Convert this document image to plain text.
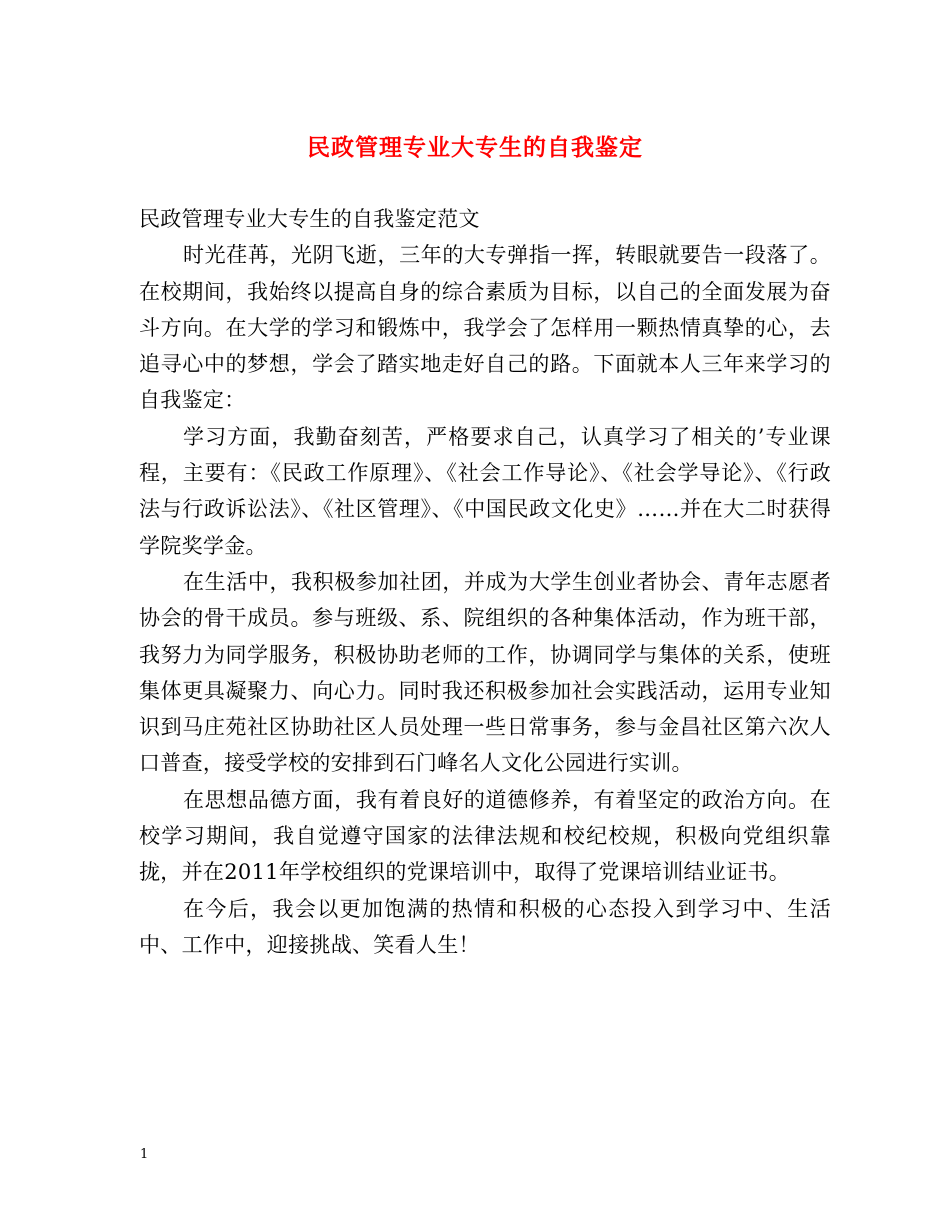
民政管理专业大专生的自我鉴定

民政管理专业大专生的自我鉴定范文

时光荏苒，光阴飞逝，三年的大专弹指一挥，转眼就要告一段落了。在校期间，我始终以提高自身的综合素质为目标，以自己的全面发展为奋斗方向。在大学的学习和锻炼中，我学会了怎样用一颗热情真挚的心，去追寻心中的梦想，学会了踏实地走好自己的路。下面就本人三年来学习的自我鉴定：

学习方面，我勤奋刻苦，严格要求自己，认真学习了相关的’专业课程，主要有：《民政工作原理》、《社会工作导论》、《社会学导论》、《行政法与行政诉讼法》、《社区管理》、《中国民政文化史》……并在大二时获得学院奖学金。

在生活中，我积极参加社团，并成为大学生创业者协会、青年志愿者协会的骨干成员。参与班级、系、院组织的各种集体活动，作为班干部，我努力为同学服务，积极协助老师的工作，协调同学与集体的关系，使班集体更具凝聚力、向心力。同时我还积极参加社会实践活动，运用专业知识到马庄苑社区协助社区人员处理一些日常事务，参与金昌社区第六次人口普查，接受学校的安排到石门峰名人文化公园进行实训。

在思想品德方面，我有着良好的道德修养，有着坚定的政治方向。在校学习期间，我自觉遵守国家的法律法规和校纪校规，积极向党组织靠拢，并在2011年学校组织的党课培训中，取得了党课培训结业证书。

在今后，我会以更加饱满的热情和积极的心态投入到学习中、生活中、工作中，迎接挑战、笑看人生！

1
